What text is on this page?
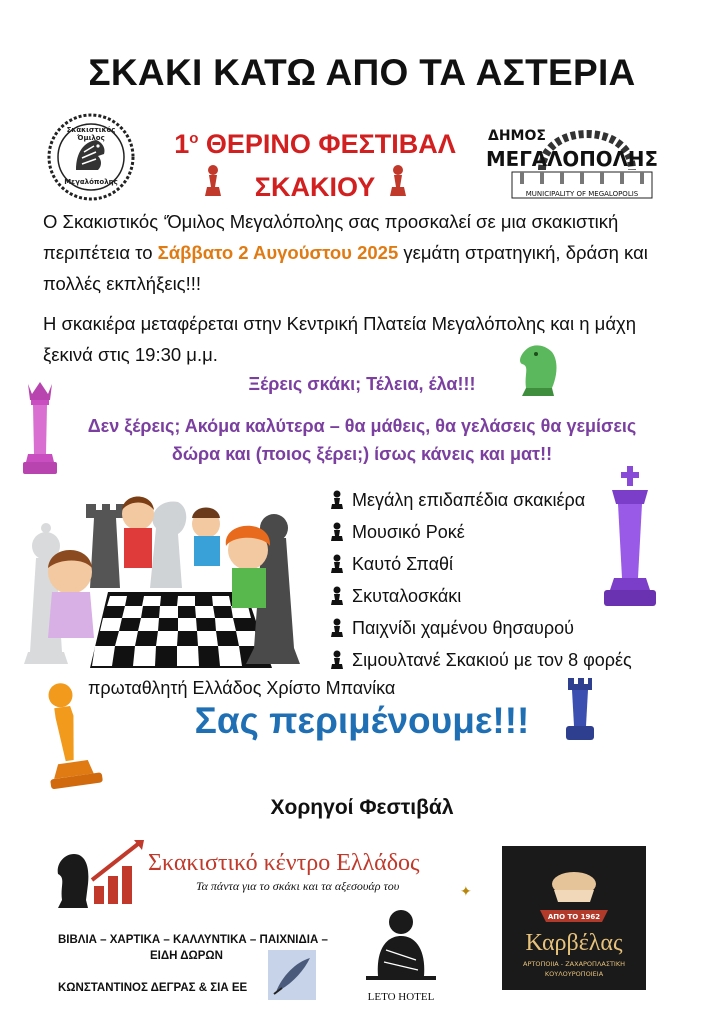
ΣΚΑΚΙ ΚΑΤΩ ΑΠΟ ΤΑ ΑΣΤΕΡΙΑ
Σκακιστικός
Όμιλος
Μεγαλόπολης
$1^o$ ΘΕΡΙΝΟ ΦΕΣΤΙΒΑΛ
ΣΚΑΚΙΟΥ
ΔΗΜΟΣ
ΜΕΓΑΛΟΠΟΛΗΣ
MUNICIPALITY OF MEGALOPOLIS
Ο Σκακιστικός ‘Όμιλος Μεγαλόπολης σας προσκαλεί σε μια σκακιστική περιπέτεια το Σάββατο 2 Αυγούστου 2025 γεμάτη στρατηγική, δράση και πολλές εκπλήξεις!!!
Η σκακιέρα μεταφέρεται στην Κεντρική Πλατεία Μεγαλόπολης και η μάχη ξεκινά στις 19:30 μ.μ.
Ξέρεις σκάκι; Τέλεια, έλα!!!
Δεν ξέρεις; Ακόμα καλύτερα – θα μάθεις, θα γελάσεις θα γεμίσεις
δώρα και (ποιος ξέρει;) ίσως κάνεις και ματ!!
Μεγάλη επιδαπέδια σκακιέρα
Μουσικό Ροκέ
Καυτό Σπαθί
Σκυταλοσκάκι
Παιχνίδι χαμένου θησαυρού
Σιμουλτανέ Σκακιού με τον 8 φορές
πρωταθλητή Ελλάδος Χρίστο Μπανίκα
Σας περιμένουμε!!!
Χορηγοί Φεστιβάλ
Σκακιστικό κέντρο Ελλάδος
Τα πάντα για το σκάκι και τα αξεσουάρ του	✦
ΒΙΒΛΙΑ – ΧΑΡΤΙΚΑ – ΚΑΛΛΥΝΤΙΚΑ – ΠΑΙΧΝΙΔΙΑ –
ΕΙΔΗ ΔΩΡΩΝ
ΚΩΝΣΤΑΝΤΙΝΟΣ ΔΕΓΡΑΣ & ΣΙΑ ΕΕ
LETO HOTEL
ΑΠΟ ΤΟ 1962
Καρβέλας
ΑΡΤΟΠΟΙΙΑ - ΖΑΧΑΡΟΠΛΑΣΤΙΚΗ
ΚΟΥΛΟΥΡΟΠΟΙΕΙΑ
